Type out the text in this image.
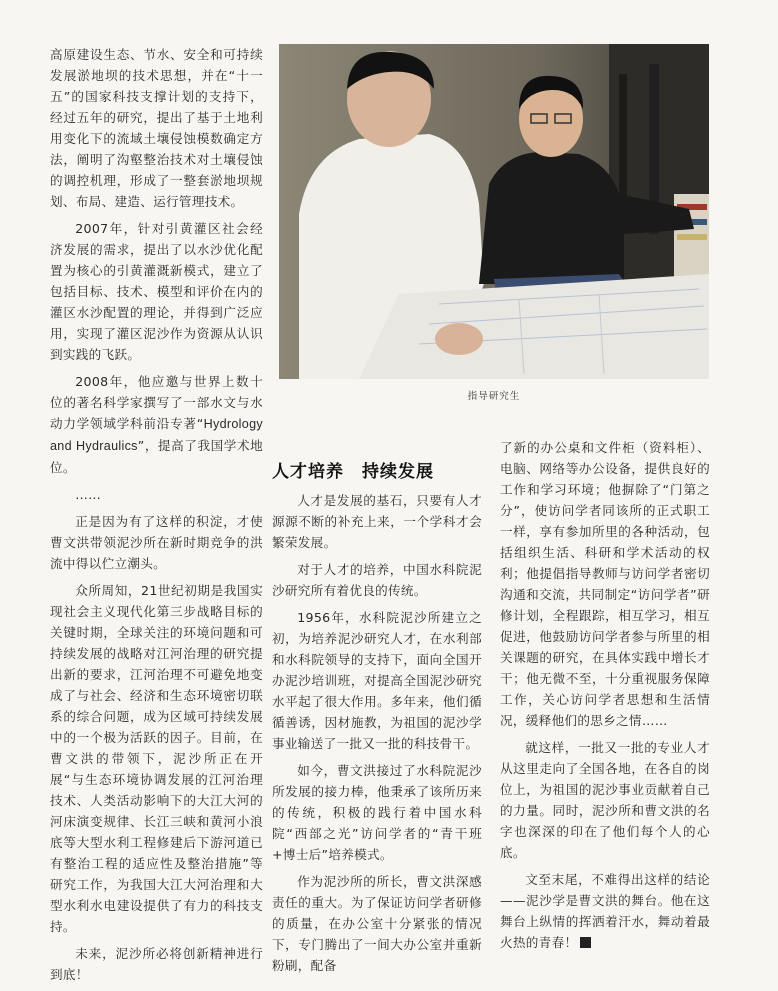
高原建设生态、节水、安全和可持续发展淤地坝的技术思想，并在“十一五”的国家科技支撑计划的支持下，经过五年的研究，提出了基于土地利用变化下的流域土壤侵蚀模数确定方法，阐明了沟壑整治技术对土壤侵蚀的调控机理，形成了一整套淤地坝规划、布局、建造、运行管理技术。

2007年，针对引黄灌区社会经济发展的需求，提出了以水沙优化配置为核心的引黄灌溉新模式，建立了包括目标、技术、模型和评价在内的灌区水沙配置的理论，并得到广泛应用，实现了灌区泥沙作为资源从认识到实践的飞跃。

2008年，他应邀与世界上数十位的著名科学家撰写了一部水文与水动力学领域学科前沿专著“Hydrology and Hydraulics”，提高了我国学术地位。

……

正是因为有了这样的积淀，才使曹文洪带领泥沙所在新时期竞争的洪流中得以伫立潮头。

众所周知，21世纪初期是我国实现社会主义现代化第三步战略目标的关键时期，全球关注的环境问题和可持续发展的战略对江河治理的研究提出新的要求，江河治理不可避免地变成了与社会、经济和生态环境密切联系的综合问题，成为区域可持续发展中的一个极为活跃的因子。目前，在曹文洪的带领下，泥沙所正在开展“与生态环境协调发展的江河治理技术、人类活动影响下的大江大河的河床演变规律、长江三峡和黄河小浪底等大型水利工程修建后下游河道已有整治工程的适应性及整治措施”等研究工作，为我国大江大河治理和大型水利水电建设提供了有力的科技支持。

未来，泥沙所必将创新精神进行到底！

指导研究生
人才培养　持续发展

人才是发展的基石，只要有人才源源不断的补充上来，一个学科才会繁荣发展。

对于人才的培养，中国水科院泥沙研究所有着优良的传统。

1956年，水科院泥沙所建立之初，为培养泥沙研究人才，在水利部和水科院领导的支持下，面向全国开办泥沙培训班，对提高全国泥沙研究水平起了很大作用。多年来，他们循循善诱，因材施教，为祖国的泥沙学事业输送了一批又一批的科技骨干。

如今，曹文洪接过了水科院泥沙所发展的接力棒，他秉承了该所历来的传统，积极的践行着中国水科院“西部之光”访问学者的“青干班+博士后”培养模式。

作为泥沙所的所长，曹文洪深感责任的重大。为了保证访问学者研修的质量，在办公室十分紧张的情况下，专门腾出了一间大办公室并重新粉刷，配备

了新的办公桌和文件柜（资料柜）、电脑、网络等办公设备，提供良好的工作和学习环境；他摒除了“门第之分”，使访问学者同该所的正式职工一样，享有参加所里的各种活动，包括组织生活、科研和学术活动的权利；他提倡指导教师与访问学者密切沟通和交流，共同制定“访问学者”研修计划，全程跟踪，相互学习，相互促进，他鼓励访问学者参与所里的相关课题的研究，在具体实践中增长才干；他无微不至，十分重视服务保障工作，关心访问学者思想和生活情况，缓释他们的思乡之情……

就这样，一批又一批的专业人才从这里走向了全国各地，在各自的岗位上，为祖国的泥沙事业贡献着自己的力量。同时，泥沙所和曹文洪的名字也深深的印在了他们每个人的心底。

文至末尾，不难得出这样的结论——泥沙学是曹文洪的舞台。他在这舞台上纵情的挥洒着汗水，舞动着最火热的青春！
